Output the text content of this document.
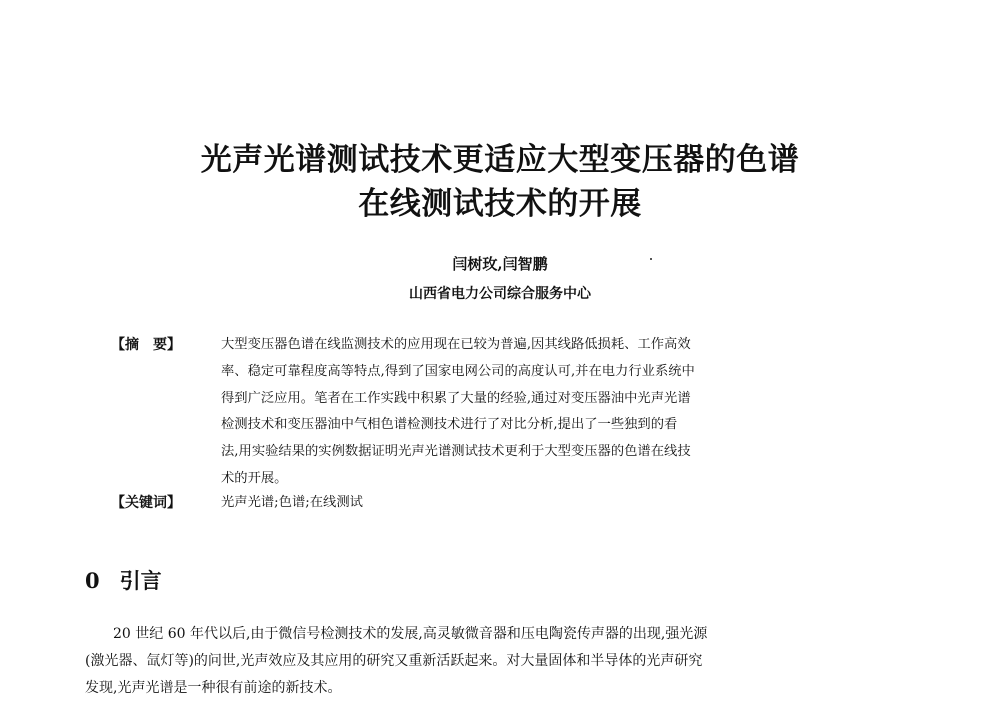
光声光谱测试技术更适应大型变压器的色谱
在线测试技术的开展
闫树玫,闫智鹏
山西省电力公司综合服务中心
【摘　要】	大型变压器色谱在线监测技术的应用现在已较为普遍,因其线路低损耗、工作高效
率、稳定可靠程度高等特点,得到了国家电网公司的高度认可,并在电力行业系统中
得到广泛应用。笔者在工作实践中积累了大量的经验,通过对变压器油中光声光谱
检测技术和变压器油中气相色谱检测技术进行了对比分析,提出了一些独到的看
法,用实验结果的实例数据证明光声光谱测试技术更利于大型变压器的色谱在线技
术的开展。
【关键词】	光声光谱;色谱;在线测试
0 引言
20 世纪 60 年代以后,由于微信号检测技术的发展,高灵敏微音器和压电陶瓷传声器的出现,强光源
(激光器、氙灯等)的问世,光声效应及其应用的研究又重新活跃起来。对大量固体和半导体的光声研究
发现,光声光谱是一种很有前途的新技术。
